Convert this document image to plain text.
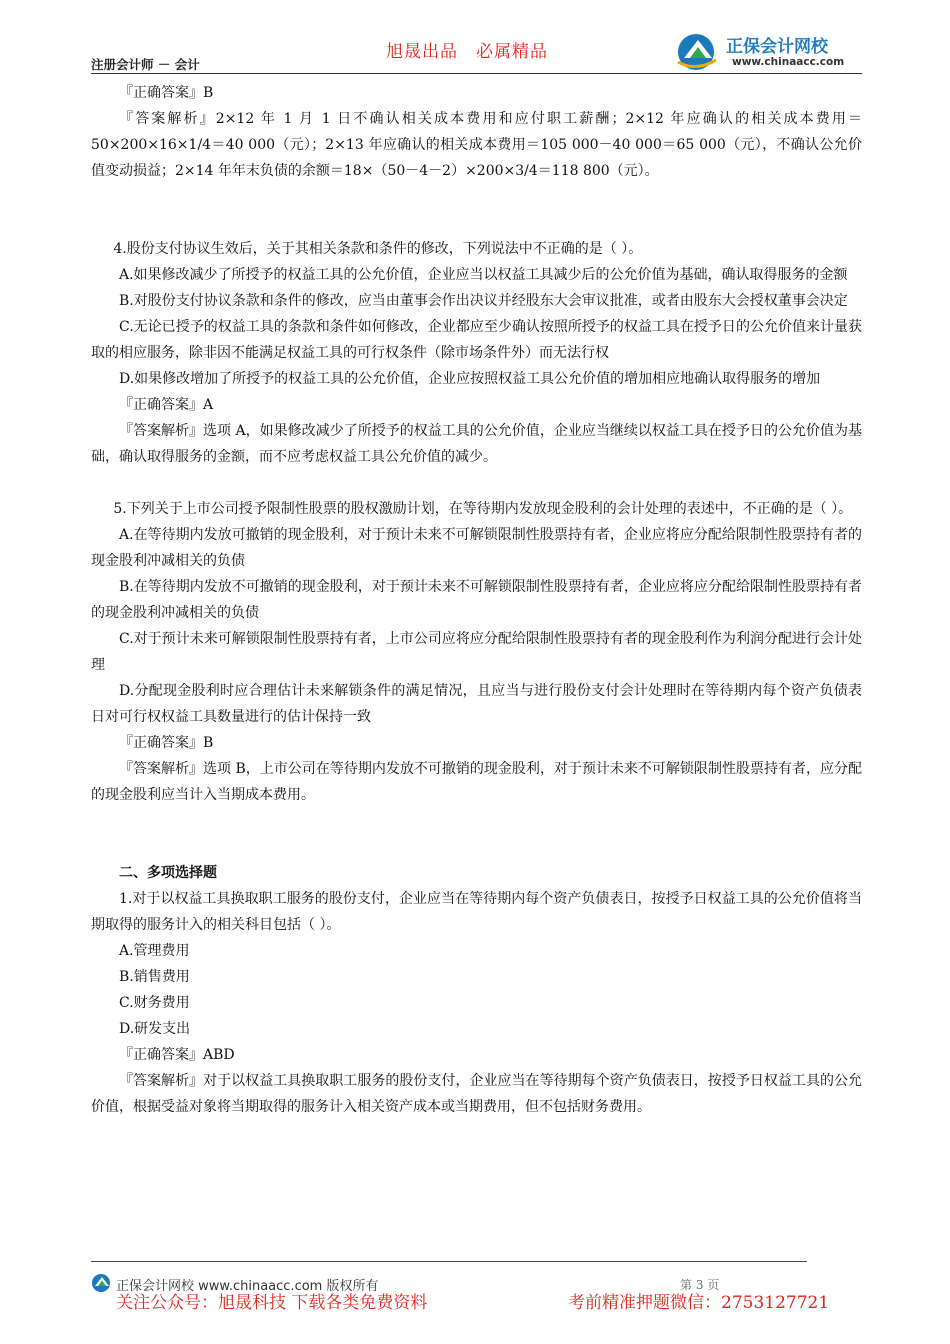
注册会计师 － 会计
旭晟出品 必属精品	正保会计网校
www.chinaacc.com

『正确答案』B

『答案解析』2×12 年 1 月 1 日不确认相关成本费用和应付职工薪酬；2×12 年应确认的相关成本费用＝50×200×16×1/4＝40 000（元）；2×13 年应确认的相关成本费用＝105 000－40 000＝65 000（元），不确认公允价值变动损益；2×14 年年末负债的余额＝18×（50－4－2）×200×3/4＝118 800（元）。

4.股份支付协议生效后，关于其相关条款和条件的修改，下列说法中不正确的是（ ）。

A.如果修改减少了所授予的权益工具的公允价值，企业应当以权益工具减少后的公允价值为基础，确认取得服务的金额

B.对股份支付协议条款和条件的修改，应当由董事会作出决议并经股东大会审议批准，或者由股东大会授权董事会决定

C.无论已授予的权益工具的条款和条件如何修改，企业都应至少确认按照所授予的权益工具在授予日的公允价值来计量获取的相应服务，除非因不能满足权益工具的可行权条件（除市场条件外）而无法行权

D.如果修改增加了所授予的权益工具的公允价值，企业应按照权益工具公允价值的增加相应地确认取得服务的增加

『正确答案』A

『答案解析』选项 A，如果修改减少了所授予的权益工具的公允价值，企业应当继续以权益工具在授予日的公允价值为基础，确认取得服务的金额，而不应考虑权益工具公允价值的减少。

5.下列关于上市公司授予限制性股票的股权激励计划，在等待期内发放现金股利的会计处理的表述中，不正确的是（ ）。

A.在等待期内发放可撤销的现金股利，对于预计未来不可解锁限制性股票持有者，企业应将应分配给限制性股票持有者的现金股利冲减相关的负债

B.在等待期内发放不可撤销的现金股利，对于预计未来不可解锁限制性股票持有者，企业应将应分配给限制性股票持有者的现金股利冲减相关的负债

C.对于预计未来可解锁限制性股票持有者，上市公司应将应分配给限制性股票持有者的现金股利作为利润分配进行会计处理

D.分配现金股利时应合理估计未来解锁条件的满足情况，且应当与进行股份支付会计处理时在等待期内每个资产负债表日对可行权权益工具数量进行的估计保持一致

『正确答案』B

『答案解析』选项 B，上市公司在等待期内发放不可撤销的现金股利，对于预计未来不可解锁限制性股票持有者，应分配的现金股利应当计入当期成本费用。

二、多项选择题

1.对于以权益工具换取职工服务的股份支付，企业应当在等待期内每个资产负债表日，按授予日权益工具的公允价值将当期取得的服务计入的相关科目包括（ ）。

A.管理费用

B.销售费用

C.财务费用

D.研发支出

『正确答案』ABD

『答案解析』对于以权益工具换取职工服务的股份支付，企业应当在等待期每个资产负债表日，按授予日权益工具的公允价值，根据受益对象将当期取得的服务计入相关资产成本或当期费用，但不包括财务费用。

正保会计网校 www.chinaacc.com 版权所有	第 3 页
关注公众号：旭晟科技 下载各类免费资料	考前精准押题微信：2753127721
